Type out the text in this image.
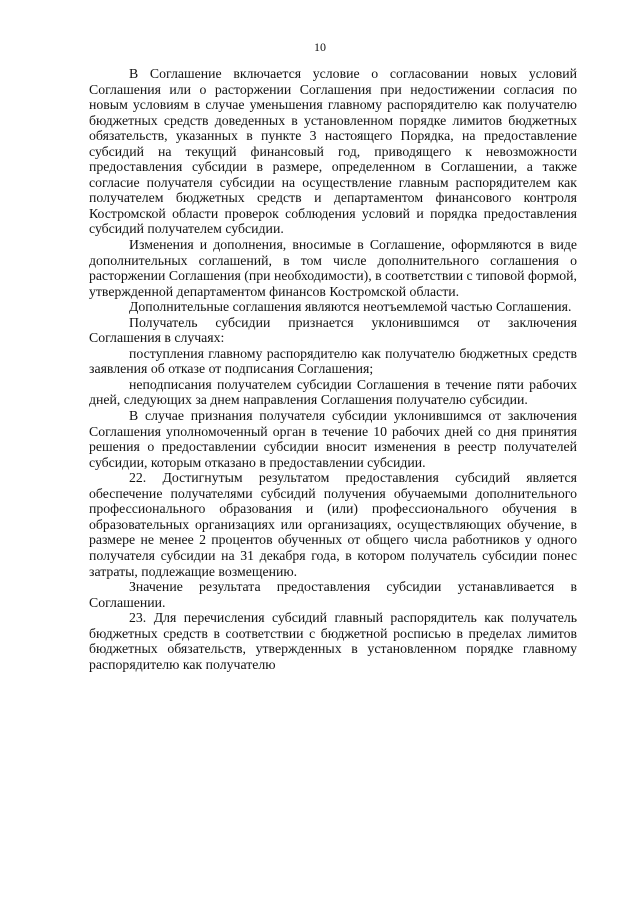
10

В Соглашение включается условие о согласовании новых условий Соглашения или о расторжении Соглашения при недостижении согласия по новым условиям в случае уменьшения главному распорядителю как получателю бюджетных средств доведенных в установленном порядке лимитов бюджетных обязательств, указанных в пункте 3 настоящего Порядка, на предоставление субсидий на текущий финансовый год, приводящего к невозможности предоставления субсидии в размере, определенном в Соглашении, а также согласие получателя субсидии на осуществление главным распорядителем как получателем бюджетных средств и департаментом финансового контроля Костромской области проверок соблюдения условий и порядка предоставления субсидий получателем субсидии.

Изменения и дополнения, вносимые в Соглашение, оформляются в виде дополнительных соглашений, в том числе дополнительного соглашения о расторжении Соглашения (при необходимости), в соответствии с типовой формой, утвержденной департаментом финансов Костромской области.

Дополнительные соглашения являются неотъемлемой частью Соглашения.

Получатель субсидии признается уклонившимся от заключения Соглашения в случаях:

поступления главному распорядителю как получателю бюджетных средств заявления об отказе от подписания Соглашения;

неподписания получателем субсидии Соглашения в течение пяти рабочих дней, следующих за днем направления Соглашения получателю субсидии.

В случае признания получателя субсидии уклонившимся от заключения Соглашения уполномоченный орган в течение 10 рабочих дней со дня принятия решения о предоставлении субсидии вносит изменения в реестр получателей субсидии, которым отказано в предоставлении субсидии.

22. Достигнутым результатом предоставления субсидий является обеспечение получателями субсидий получения обучаемыми дополнительного профессионального образования и (или) профессионального обучения в образовательных организациях или организациях, осуществляющих обучение, в размере не менее 2 процентов обученных от общего числа работников у одного получателя субсидии на 31 декабря года, в котором получатель субсидии понес затраты, подлежащие возмещению.

Значение результата предоставления субсидии устанавливается в Соглашении.

23. Для перечисления субсидий главный распорядитель как получатель бюджетных средств в соответствии с бюджетной росписью в пределах лимитов бюджетных обязательств, утвержденных в установленном порядке главному распорядителю как получателю
